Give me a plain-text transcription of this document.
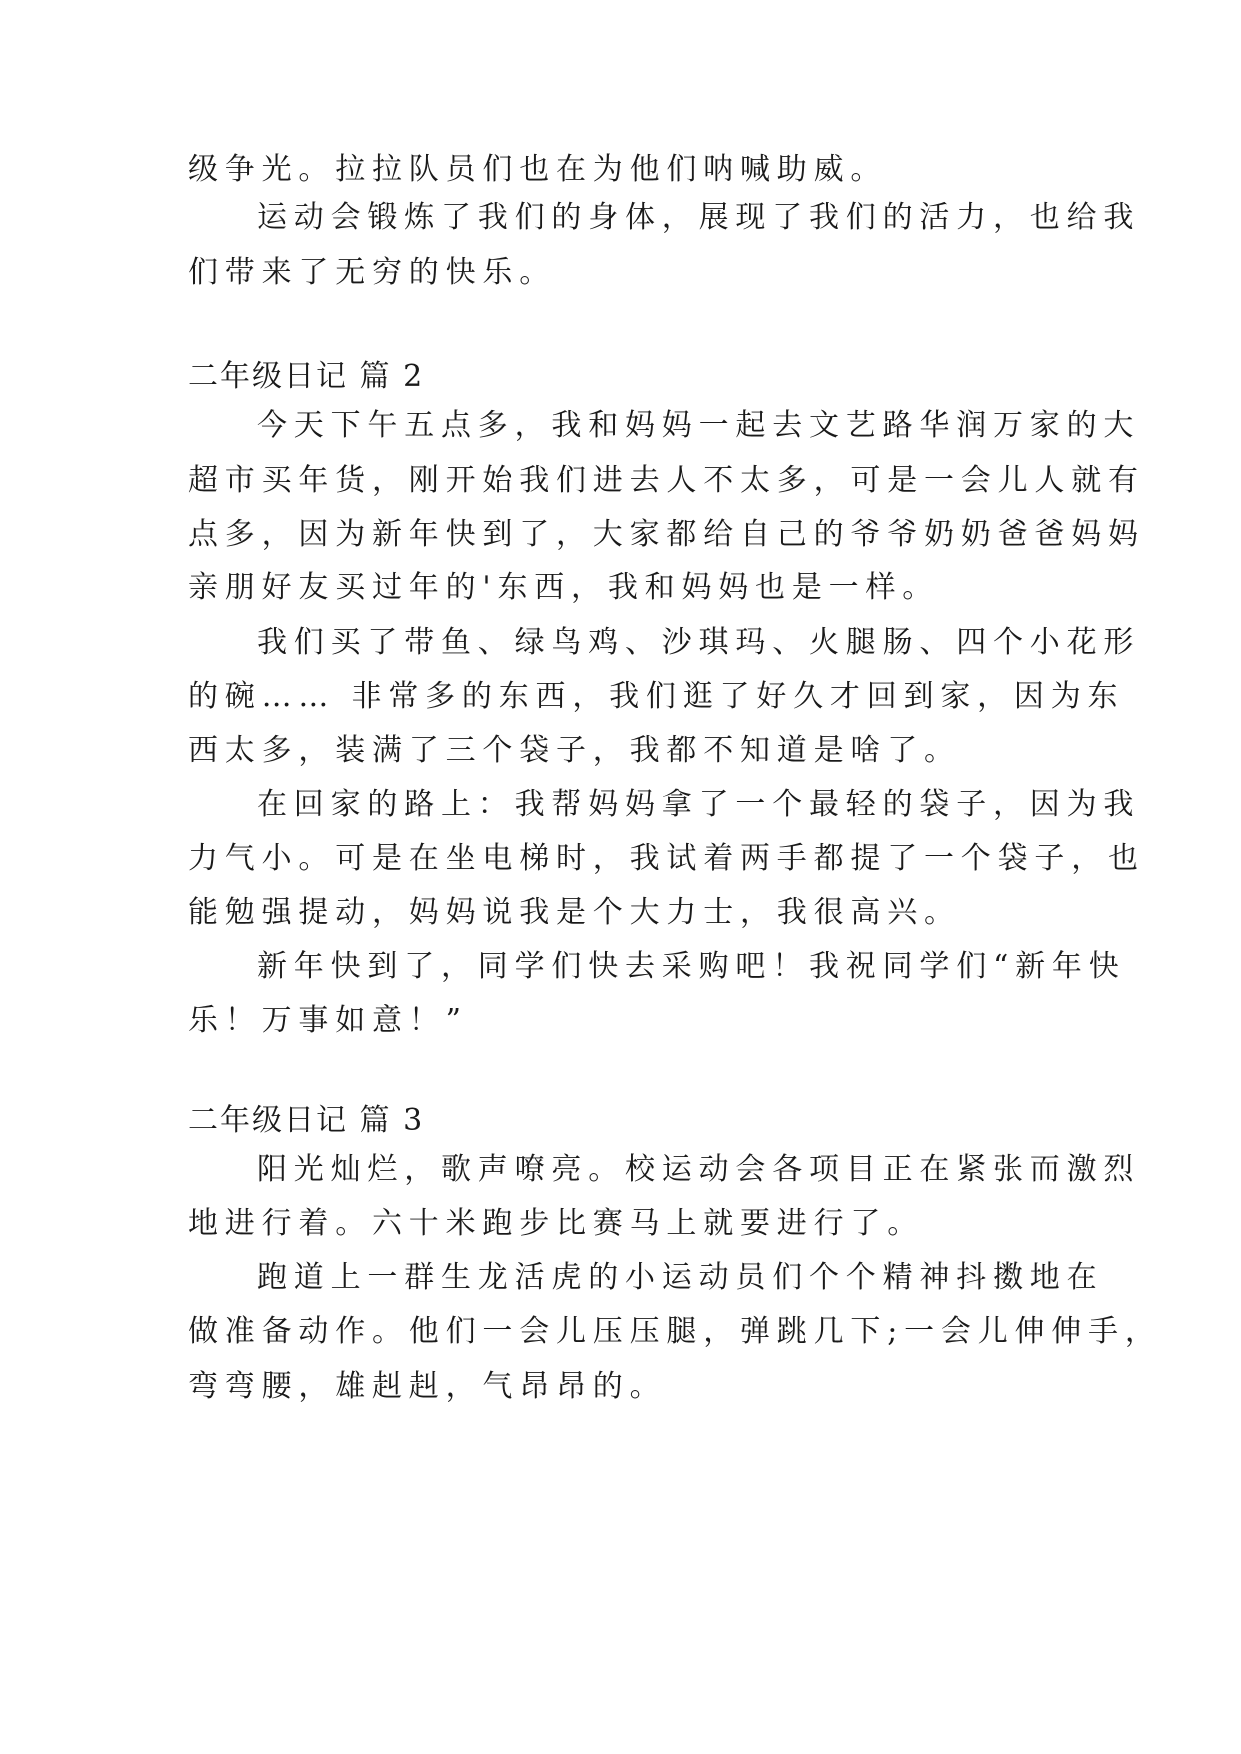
级争光。拉拉队员们也在为他们呐喊助威。
运动会锻炼了我们的身体，展现了我们的活力，也给我
们带来了无穷的快乐。
二年级日记 篇 2
今天下午五点多，我和妈妈一起去文艺路华润万家的大
超市买年货，刚开始我们进去人不太多，可是一会儿人就有
点多，因为新年快到了，大家都给自己的爷爷奶奶爸爸妈妈
亲朋好友买过年的'东西，我和妈妈也是一样。
我们买了带鱼、绿鸟鸡、沙琪玛、火腿肠、四个小花形
的碗…… 非常多的东西，我们逛了好久才回到家，因为东
西太多，装满了三个袋子，我都不知道是啥了。
在回家的路上：我帮妈妈拿了一个最轻的袋子，因为我
力气小。可是在坐电梯时，我试着两手都提了一个袋子，也
能勉强提动，妈妈说我是个大力士，我很高兴。
新年快到了，同学们快去采购吧！我祝同学们“新年快
乐！万事如意！”
二年级日记 篇 3
阳光灿烂，歌声嘹亮。校运动会各项目正在紧张而激烈
地进行着。六十米跑步比赛马上就要进行了。
跑道上一群生龙活虎的小运动员们个个精神抖擞地在
做准备动作。他们一会儿压压腿，弹跳几下;一会儿伸伸手，
弯弯腰，雄赳赳，气昂昂的。
